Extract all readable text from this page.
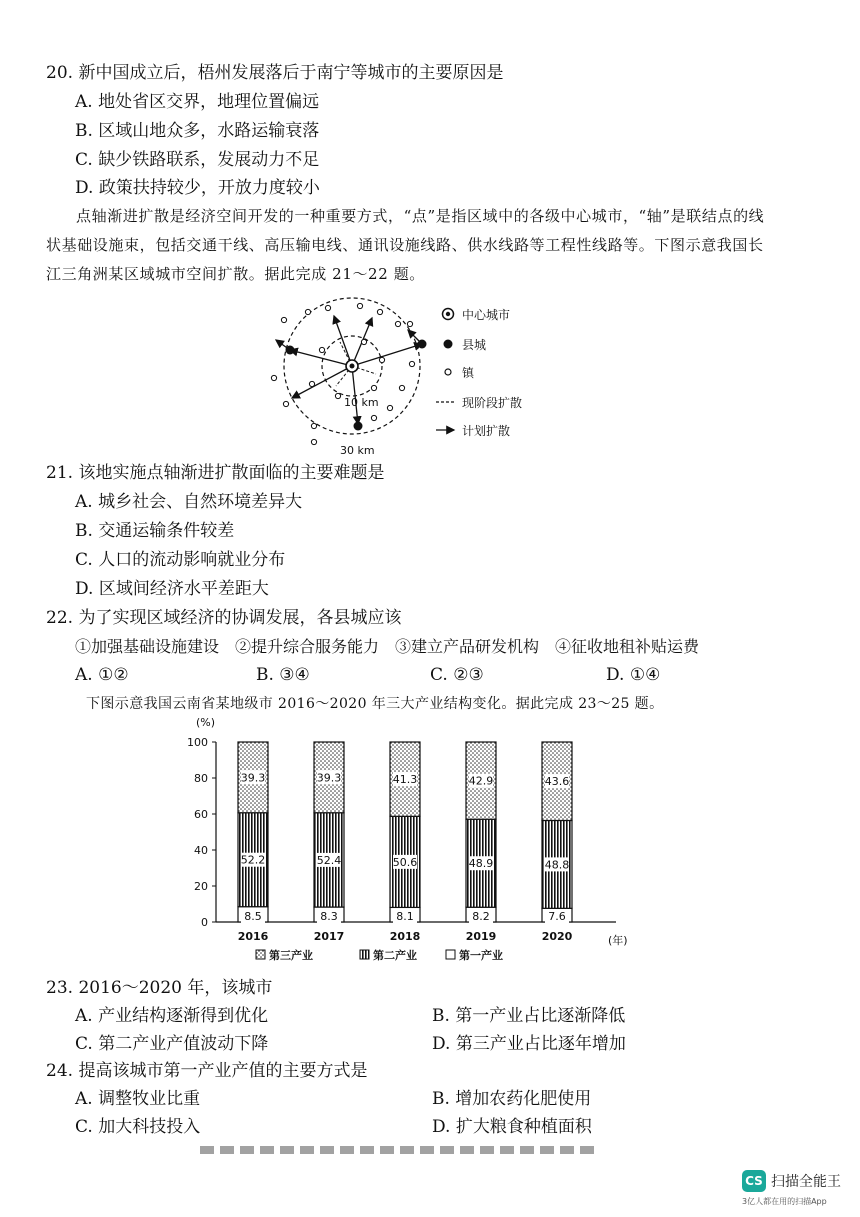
20. 新中国成立后，梧州发展落后于南宁等城市的主要原因是
A. 地处省区交界，地理位置偏远
B. 区域山地众多，水路运输衰落
C. 缺少铁路联系，发展动力不足
D. 政策扶持较少，开放力度较小
点轴渐进扩散是经济空间开发的一种重要方式，“点”是指区域中的各级中心城市，“轴”是联结点的线状基础设施束，包括交通干线、高压输电线、通讯设施线路、供水线路等工程性线路等。下图示意我国长江三角洲某区域城市空间扩散。据此完成 21～22 题。
10 km
30 km
中心城市
县城
镇
现阶段扩散
计划扩散
21. 该地实施点轴渐进扩散面临的主要难题是
A. 城乡社会、自然环境差异大
B. 交通运输条件较差
C. 人口的流动影响就业分布
D. 区域间经济水平差距大
22. 为了实现区域经济的协调发展，各县城应该
①加强基础设施建设　②提升综合服务能力　③建立产品研发机构　④征收地租补贴运费
A. ①②	B. ③④	C. ②③	D. ①④
下图示意我国云南省某地级市 2016～2020 年三大产业结构变化。据此完成 23～25 题。
(%)
0
20
40
60
80
100
8.5
52.2
39.3
8.3
52.4
39.3
8.1
50.6
41.3
8.2
48.9
42.9
7.6
48.8
43.6
2016	2017	2018	2019	2020	(年)
第三产业	第二产业	第一产业
23. 2016～2020 年，该城市
A. 产业结构逐渐得到优化	B. 第一产业占比逐渐降低
C. 第二产业产值波动下降	D. 第三产业占比逐年增加
24. 提高该城市第一产业产值的主要方式是
A. 调整牧业比重	B. 增加农药化肥使用
C. 加大科技投入	D. 扩大粮食种植面积
CS 扫描全能王
3亿人都在用的扫描App
